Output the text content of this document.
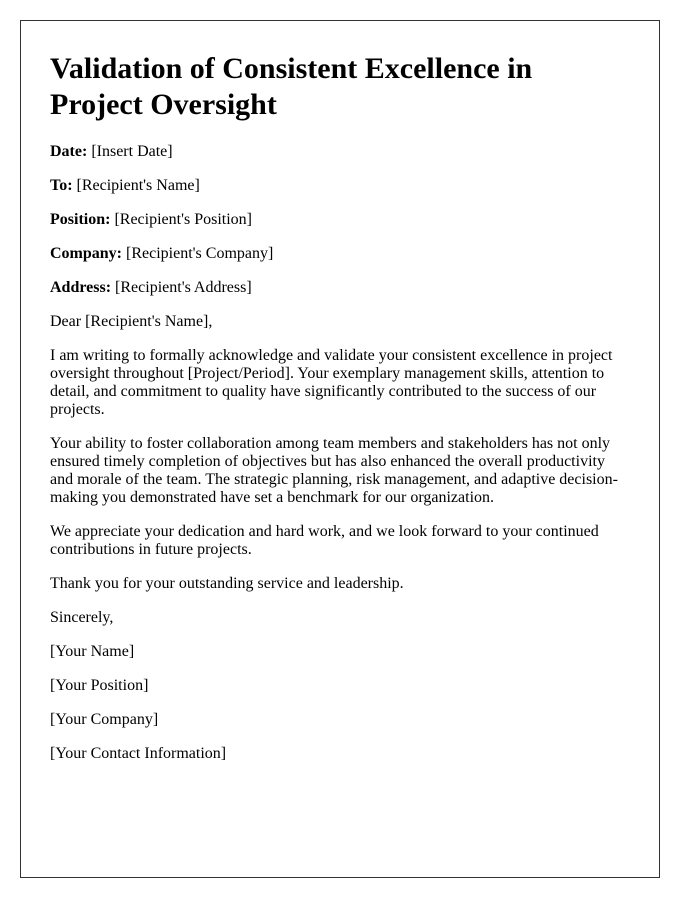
Validation of Consistent Excellence in Project Oversight

Date: [Insert Date]

To: [Recipient's Name]

Position: [Recipient's Position]

Company: [Recipient's Company]

Address: [Recipient's Address]

Dear [Recipient's Name],

I am writing to formally acknowledge and validate your consistent excellence in project oversight throughout [Project/Period]. Your exemplary management skills, attention to detail, and commitment to quality have significantly contributed to the success of our projects.

Your ability to foster collaboration among team members and stakeholders has not only ensured timely completion of objectives but has also enhanced the overall productivity and morale of the team. The strategic planning, risk management, and adaptive decision-making you demonstrated have set a benchmark for our organization.

We appreciate your dedication and hard work, and we look forward to your continued contributions in future projects.

Thank you for your outstanding service and leadership.

Sincerely,

[Your Name]

[Your Position]

[Your Company]

[Your Contact Information]
